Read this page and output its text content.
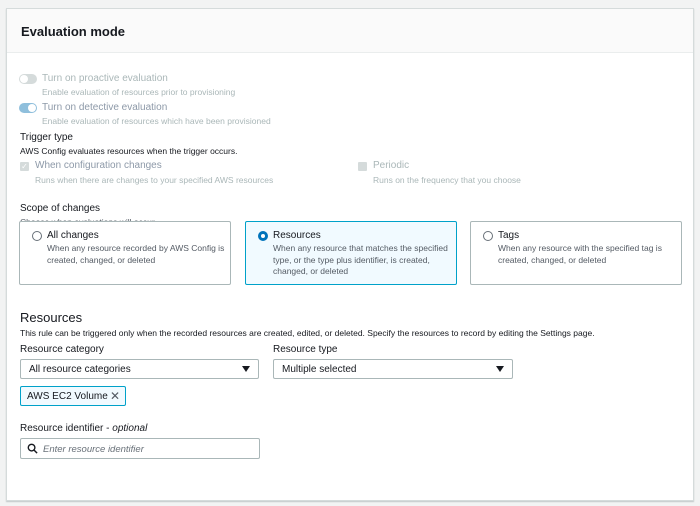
Evaluation mode
Turn on proactive evaluation
Enable evaluation of resources prior to provisioning
Turn on detective evaluation
Enable evaluation of resources which have been provisioned
Trigger type
AWS Config evaluates resources when the trigger occurs.
✓ When configuration changes
Runs when there are changes to your specified AWS resources
Periodic
Runs on the frequency that you choose
Scope of changes
All changes
When any resource recorded by AWS Config is created, changed, or deleted
Resources
When any resource that matches the specified type, or the type plus identifier, is created, changed, or deleted
Tags
When any resource with the specified tag is created, changed, or deleted
Resources
This rule can be triggered only when the recorded resources are created, edited, or deleted. Specify the resources to record by editing the Settings page.
Resource category
All resource categories
Resource type
Multiple selected
AWS EC2 Volume ✕
Resource identifier - optional
Enter resource identifier
